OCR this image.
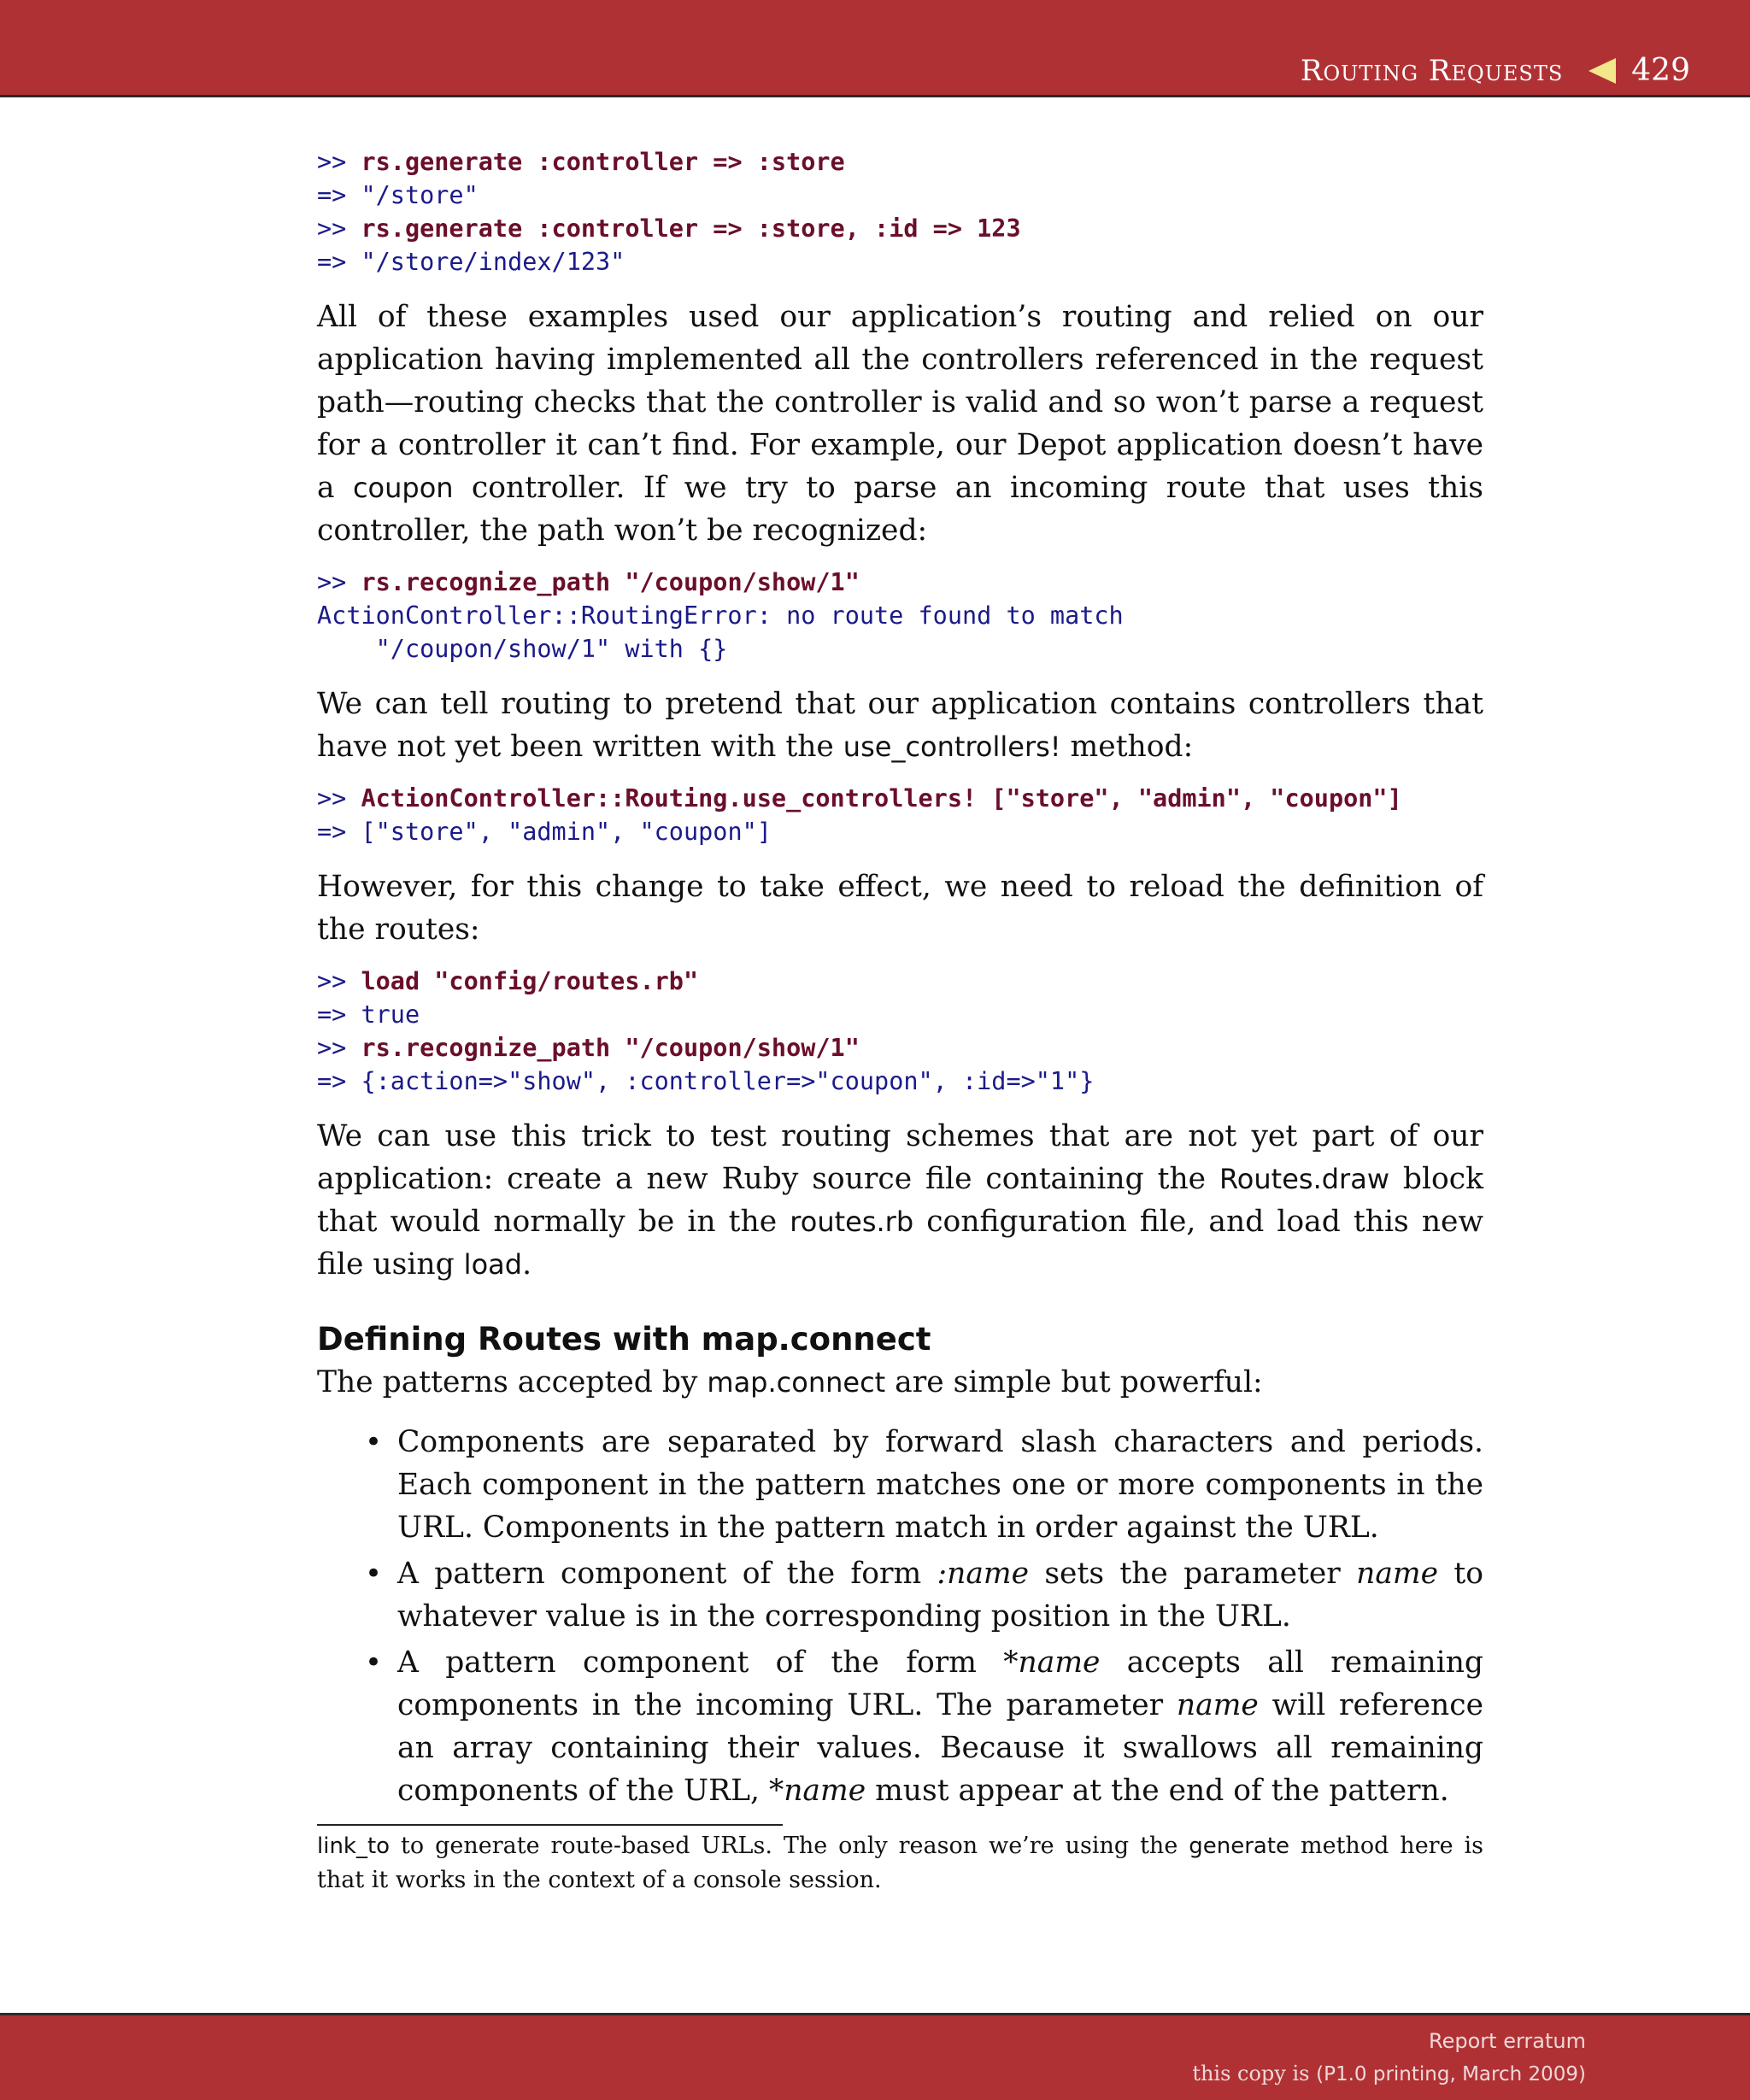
Routing Requests 429
>> rs.generate :controller => :store
=> "/store"
>> rs.generate :controller => :store, :id => 123
=> "/store/index/123"

All of these examples used our application’s routing and relied on our application having implemented all the controllers referenced in the request path—routing checks that the controller is valid and so won’t parse a request for a controller it can’t find. For example, our Depot application doesn’t have a coupon controller. If we try to parse an incoming route that uses this controller, the path won’t be recognized:

>> rs.recognize_path "/coupon/show/1"
ActionController::RoutingError: no route found to match
"/coupon/show/1" with {}

We can tell routing to pretend that our application contains controllers that have not yet been written with the use_controllers! method:

>> ActionController::Routing.use_controllers! ["store", "admin", "coupon"]
=> ["store", "admin", "coupon"]

However, for this change to take effect, we need to reload the definition of the routes:

>> load "config/routes.rb"
=> true
>> rs.recognize_path "/coupon/show/1"
=> {:action=>"show", :controller=>"coupon", :id=>"1"}

We can use this trick to test routing schemes that are not yet part of our application: create a new Ruby source file containing the Routes.draw block that would normally be in the routes.rb configuration file, and load this new file using load.

Defining Routes with map.connect

The patterns accepted by map.connect are simple but powerful:

• Components are separated by forward slash characters and periods. Each component in the pattern matches one or more components in the URL. Components in the pattern match in order against the URL.
• A pattern component of the form :name sets the parameter name to whatever value is in the corresponding position in the URL.
• A pattern component of the form *name accepts all remaining components in the incoming URL. The parameter name will reference an array containing their values. Because it swallows all remaining components of the URL, *name must appear at the end of the pattern.

link_to to generate route-based URLs. The only reason we’re using the generate method here is that it works in the context of a console session.

Report erratum
this copy is (P1.0 printing, March 2009)
